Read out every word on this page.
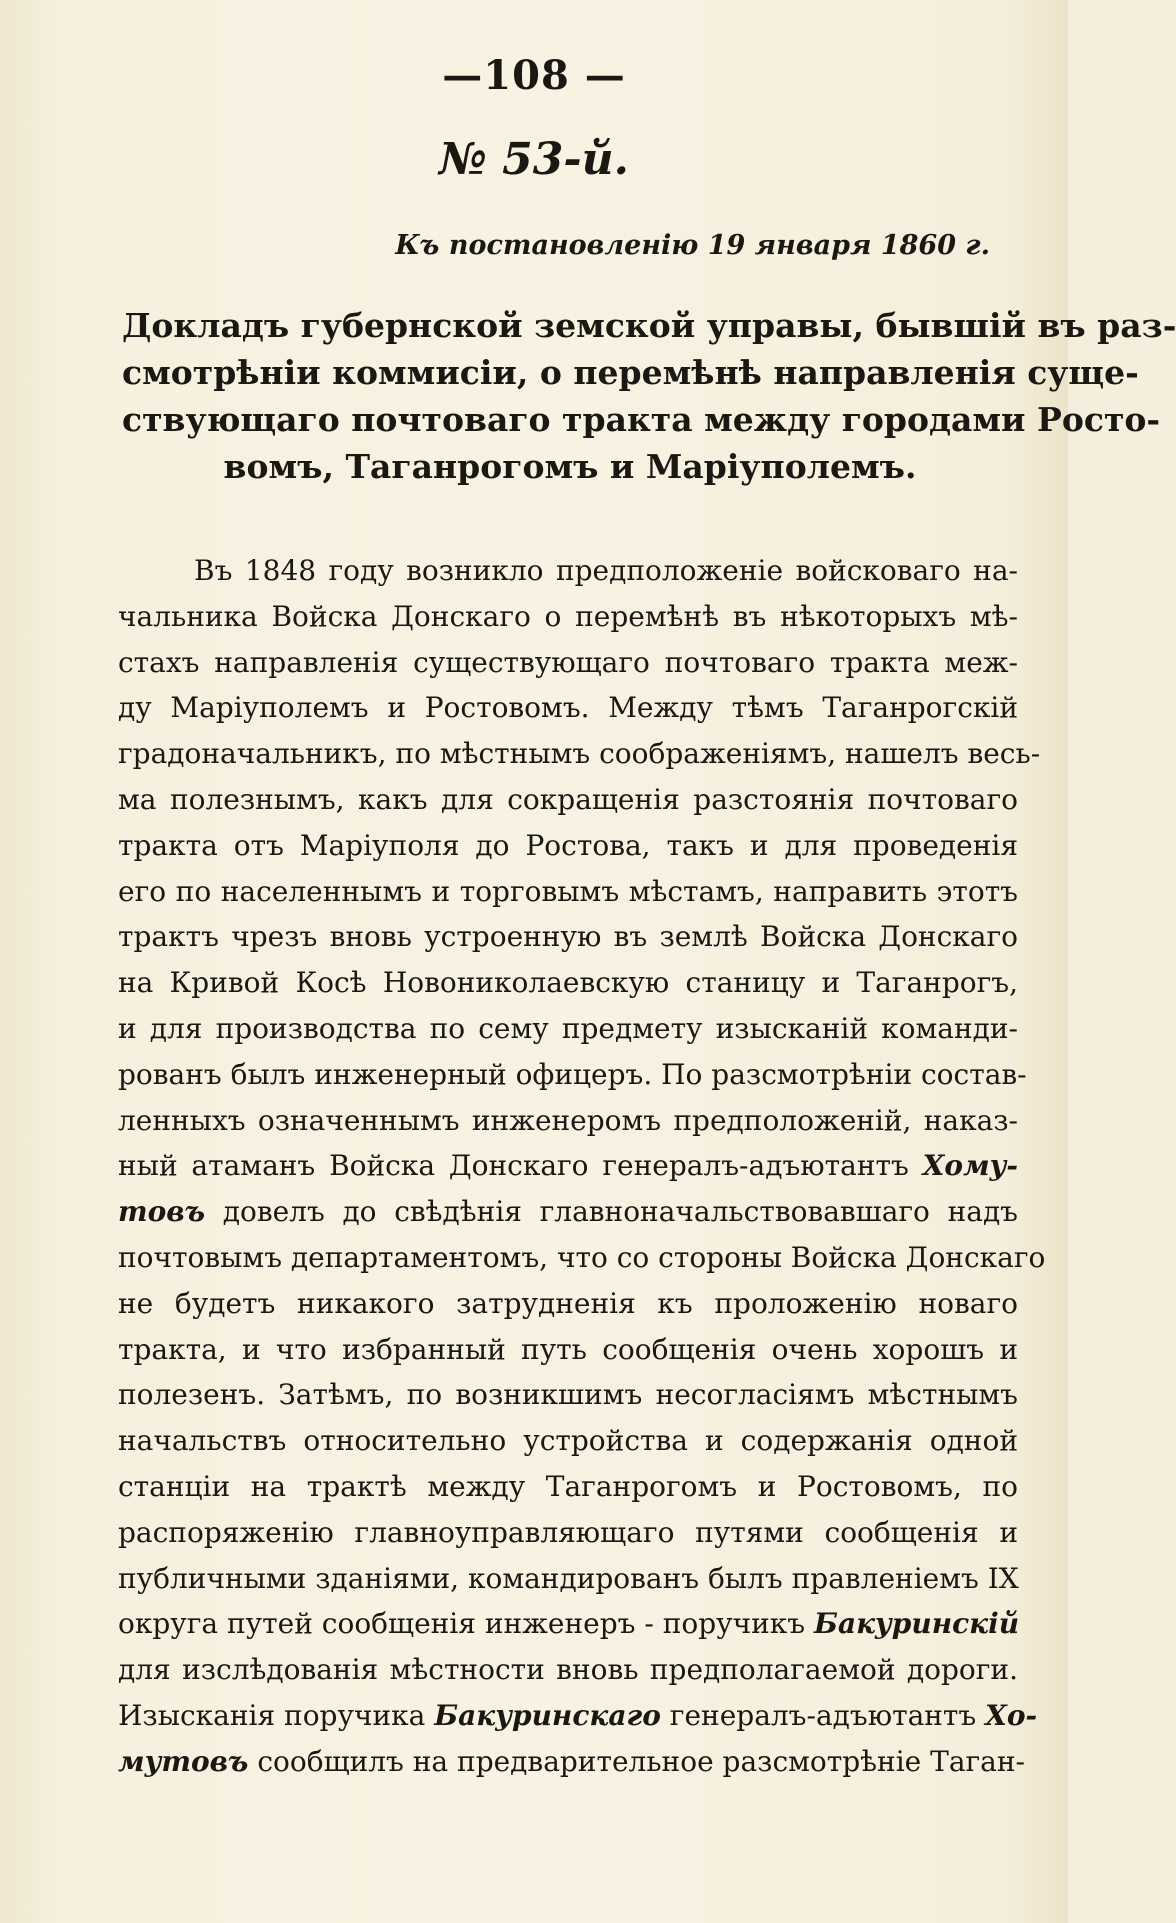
—108 —
№ 53-й.
Къ постановленію 19 января 1860 г.
Докладъ губернской земской управы, бывшій въ раз-
смотрѣніи коммисіи, о перемѣнѣ направленія суще-
ствующаго почтоваго тракта между городами Росто-
вомъ, Таганрогомъ и Маріуполемъ.
Въ 1848 году возникло предположеніе войсковаго на-
чальника Войска Донскаго о перемѣнѣ въ нѣкоторыхъ мѣ-
стахъ направленія существующаго почтоваго тракта меж-
ду Маріуполемъ и Ростовомъ. Между тѣмъ Таганрогскій
градоначальникъ, по мѣстнымъ соображеніямъ, нашелъ весь-
ма полезнымъ, какъ для сокращенія разстоянія почтоваго
тракта отъ Маріуполя до Ростова, такъ и для проведенія
его по населеннымъ и торговымъ мѣстамъ, направить этотъ
трактъ чрезъ вновь устроенную въ землѣ Войска Донскаго
на Кривой Косѣ Новониколаевскую станицу и Таганрогъ,
и для производства по сему предмету изысканій команди-
рованъ былъ инженерный офицеръ. По разсмотрѣніи состав-
ленныхъ означеннымъ инженеромъ предположеній, наказ-
ный атаманъ Войска Донскаго генералъ-адъютантъ Хому-
товъ довелъ до свѣдѣнія главноначальствовавшаго надъ
почтовымъ департаментомъ, что со стороны Войска Донскаго
не будетъ никакого затрудненія къ проложенію новаго
тракта, и что избранный путь сообщенія очень хорошъ и
полезенъ. Затѣмъ, по возникшимъ несогласіямъ мѣстнымъ
начальствъ относительно устройства и содержанія одной
станціи на трактѣ между Таганрогомъ и Ростовомъ, по
распоряженію главноуправляющаго путями сообщенія и
публичными зданіями, командированъ былъ правленіемъ IX
округа путей сообщенія инженеръ - поручикъ Бакуринскій
для изслѣдованія мѣстности вновь предполагаемой дороги.
Изысканія поручика Бакуринскаго генералъ-адъютантъ Хо-
мутовъ сообщилъ на предварительное разсмотрѣніе Таган-
